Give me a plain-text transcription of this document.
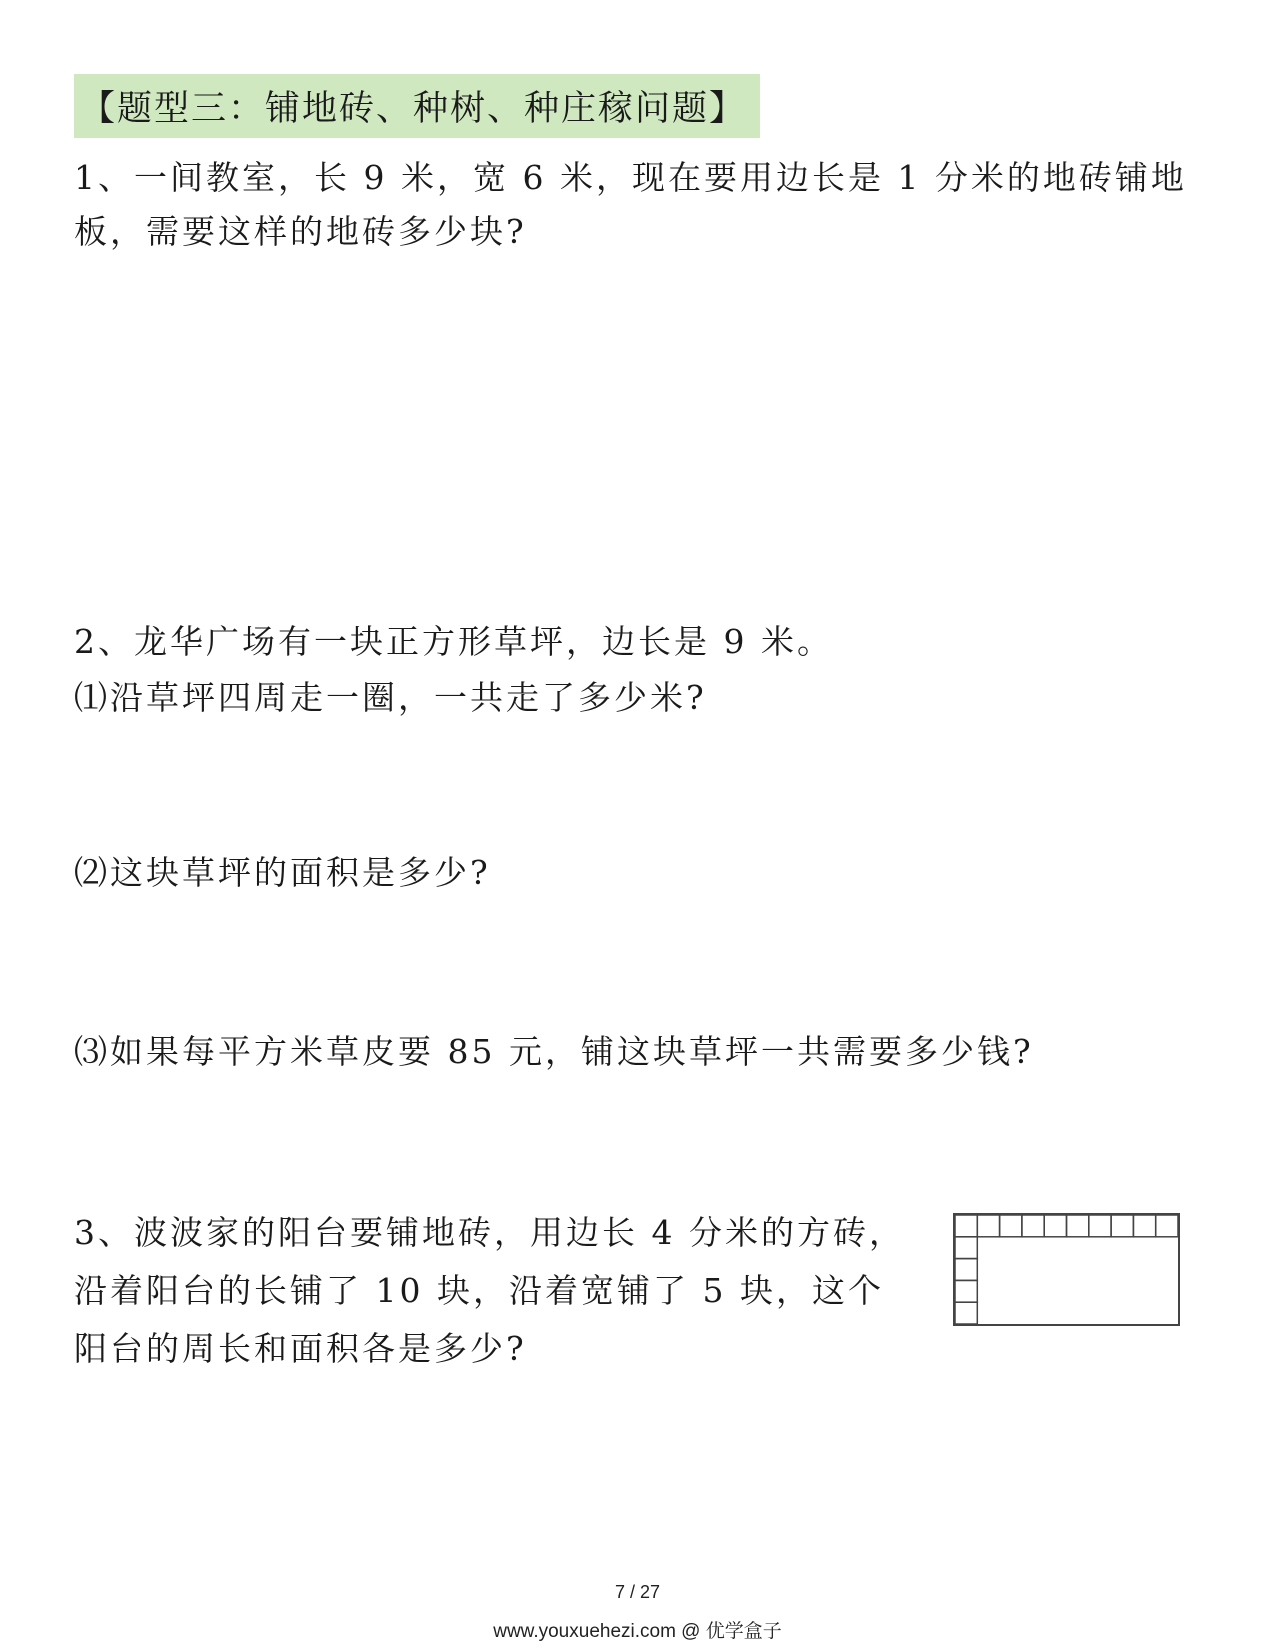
【题型三：铺地砖、种树、种庄稼问题】
1、一间教室，长 9 米，宽 6 米，现在要用边长是 1 分米的地砖铺地
板，需要这样的地砖多少块?
2、龙华广场有一块正方形草坪，边长是 9 米。
⑴沿草坪四周走一圈，一共走了多少米?
⑵这块草坪的面积是多少?
⑶如果每平方米草皮要 85 元，铺这块草坪一共需要多少钱?
3、波波家的阳台要铺地砖，用边长 4 分米的方砖，
沿着阳台的长铺了 10 块，沿着宽铺了 5 块，这个
阳台的周长和面积各是多少?
7 / 27
www.youxuehezi.com @ 优学盒子
